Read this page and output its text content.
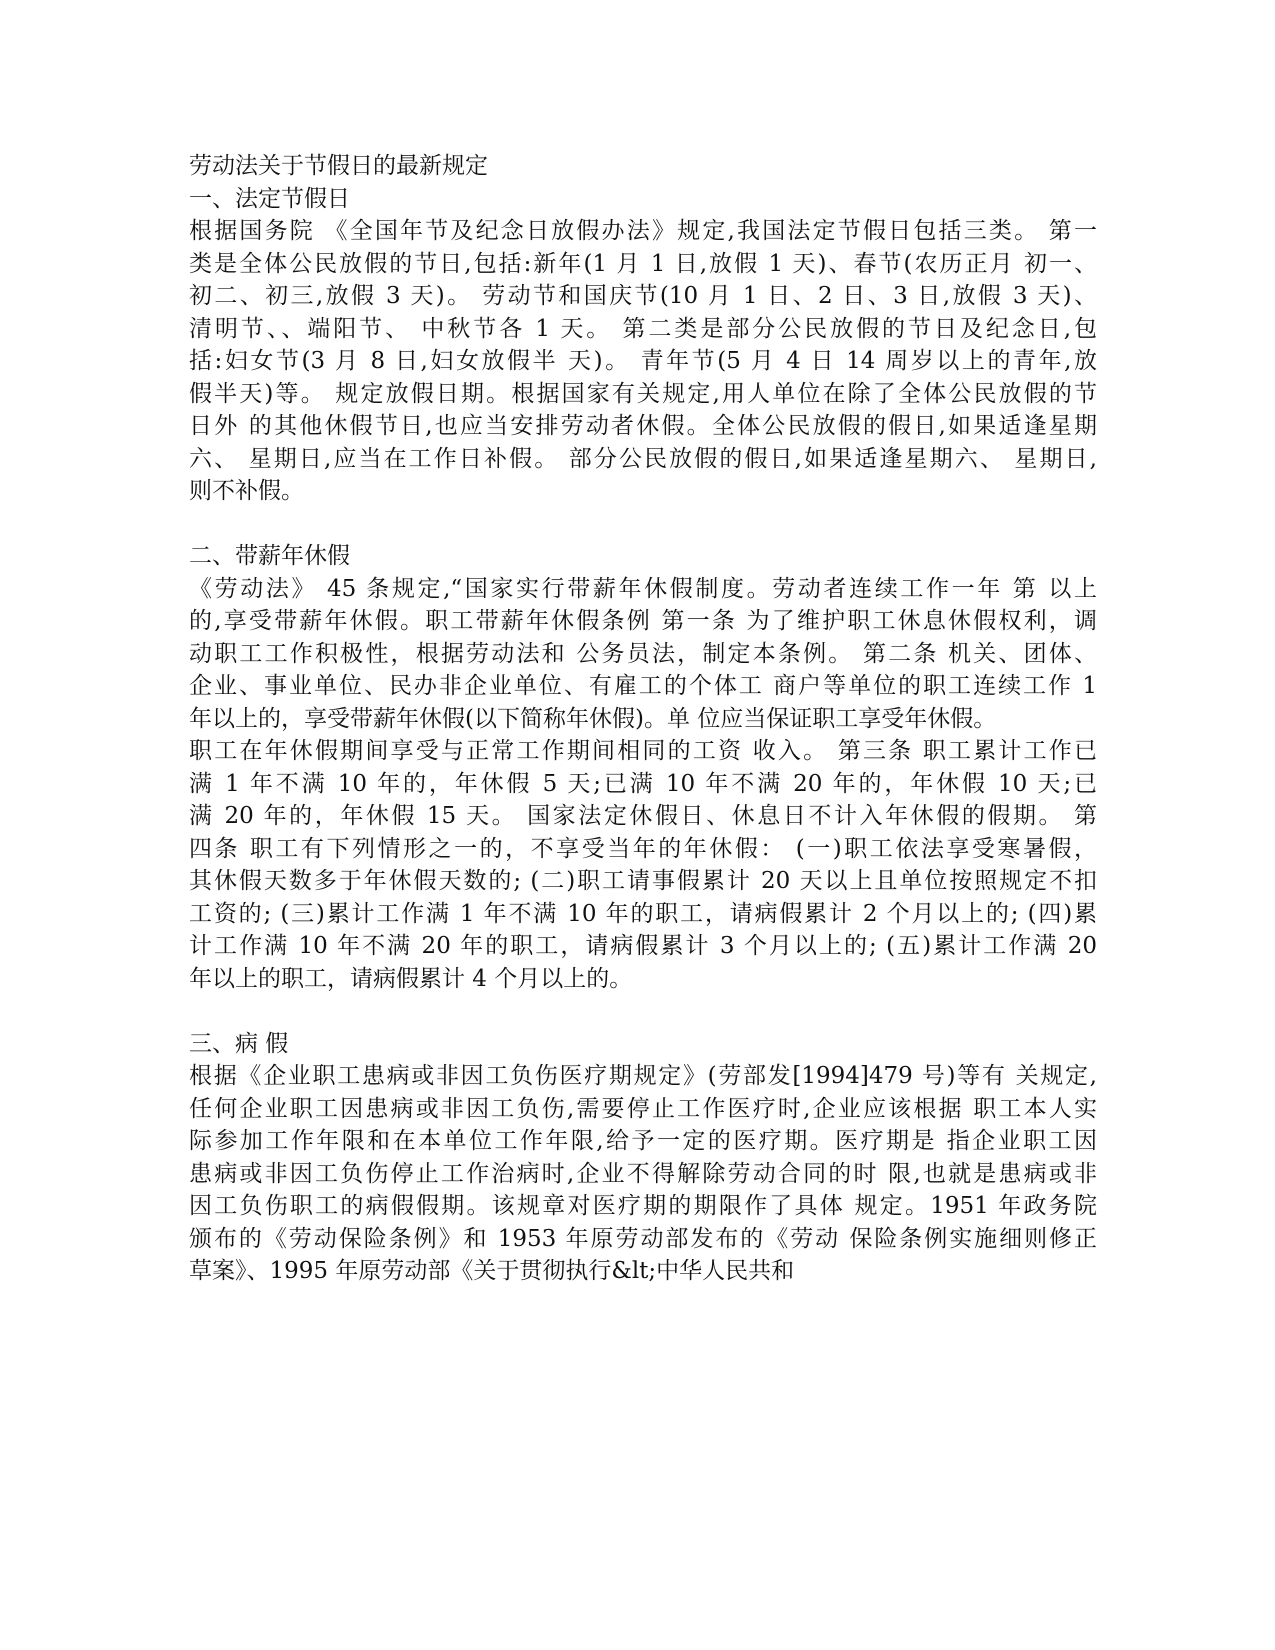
劳动法关于节假日的最新规定
一、法定节假日
根据国务院 《全国年节及纪念日放假办法》规定,我国法定节假日包括三类。 第一
类是全体公民放假的节日,包括:新年(1 月 1 日,放假 1 天)、春节(农历正月 初一、
初二、初三,放假 3 天)。 劳动节和国庆节(10 月 1 日、2 日、3 日,放假 3 天)、
清明节、、端阳节、 中秋节各 1 天。 第二类是部分公民放假的节日及纪念日,包
括:妇女节(3 月 8 日,妇女放假半 天)。 青年节(5 月 4 日 14 周岁以上的青年,放
假半天)等。 规定放假日期。根据国家有关规定,用人单位在除了全体公民放假的节
日外 的其他休假节日,也应当安排劳动者休假。全体公民放假的假日,如果适逢星期
六、 星期日,应当在工作日补假。 部分公民放假的假日,如果适逢星期六、 星期日,
则不补假。
二、带薪年休假
《劳动法》 45 条规定,“国家实行带薪年休假制度。劳动者连续工作一年 第 以上
的,享受带薪年休假。职工带薪年休假条例 第一条 为了维护职工休息休假权利，调
动职工工作积极性，根据劳动法和 公务员法，制定本条例。 第二条 机关、团体、
企业、事业单位、民办非企业单位、有雇工的个体工 商户等单位的职工连续工作 1
年以上的，享受带薪年休假(以下简称年休假)。单 位应当保证职工享受年休假。
职工在年休假期间享受与正常工作期间相同的工资 收入。 第三条 职工累计工作已
满 1 年不满 10 年的，年休假 5 天;已满 10 年不满 20 年的，年休假 10 天;已
满 20 年的，年休假 15 天。 国家法定休假日、休息日不计入年休假的假期。 第
四条 职工有下列情形之一的，不享受当年的年休假： (一)职工依法享受寒暑假，
其休假天数多于年休假天数的; (二)职工请事假累计 20 天以上且单位按照规定不扣
工资的; (三)累计工作满 1 年不满 10 年的职工，请病假累计 2 个月以上的; (四)累
计工作满 10 年不满 20 年的职工，请病假累计 3 个月以上的; (五)累计工作满 20
年以上的职工，请病假累计 4 个月以上的。
三、病 假
根据《企业职工患病或非因工负伤医疗期规定》(劳部发[1994]479 号)等有 关规定,
任何企业职工因患病或非因工负伤,需要停止工作医疗时,企业应该根据 职工本人实
际参加工作年限和在本单位工作年限,给予一定的医疗期。医疗期是 指企业职工因
患病或非因工负伤停止工作治病时,企业不得解除劳动合同的时 限,也就是患病或非
因工负伤职工的病假假期。该规章对医疗期的期限作了具体 规定。1951 年政务院
颁布的《劳动保险条例》和 1953 年原劳动部发布的《劳动 保险条例实施细则修正
草案》、1995 年原劳动部《关于贯彻执行&lt;中华人民共和
